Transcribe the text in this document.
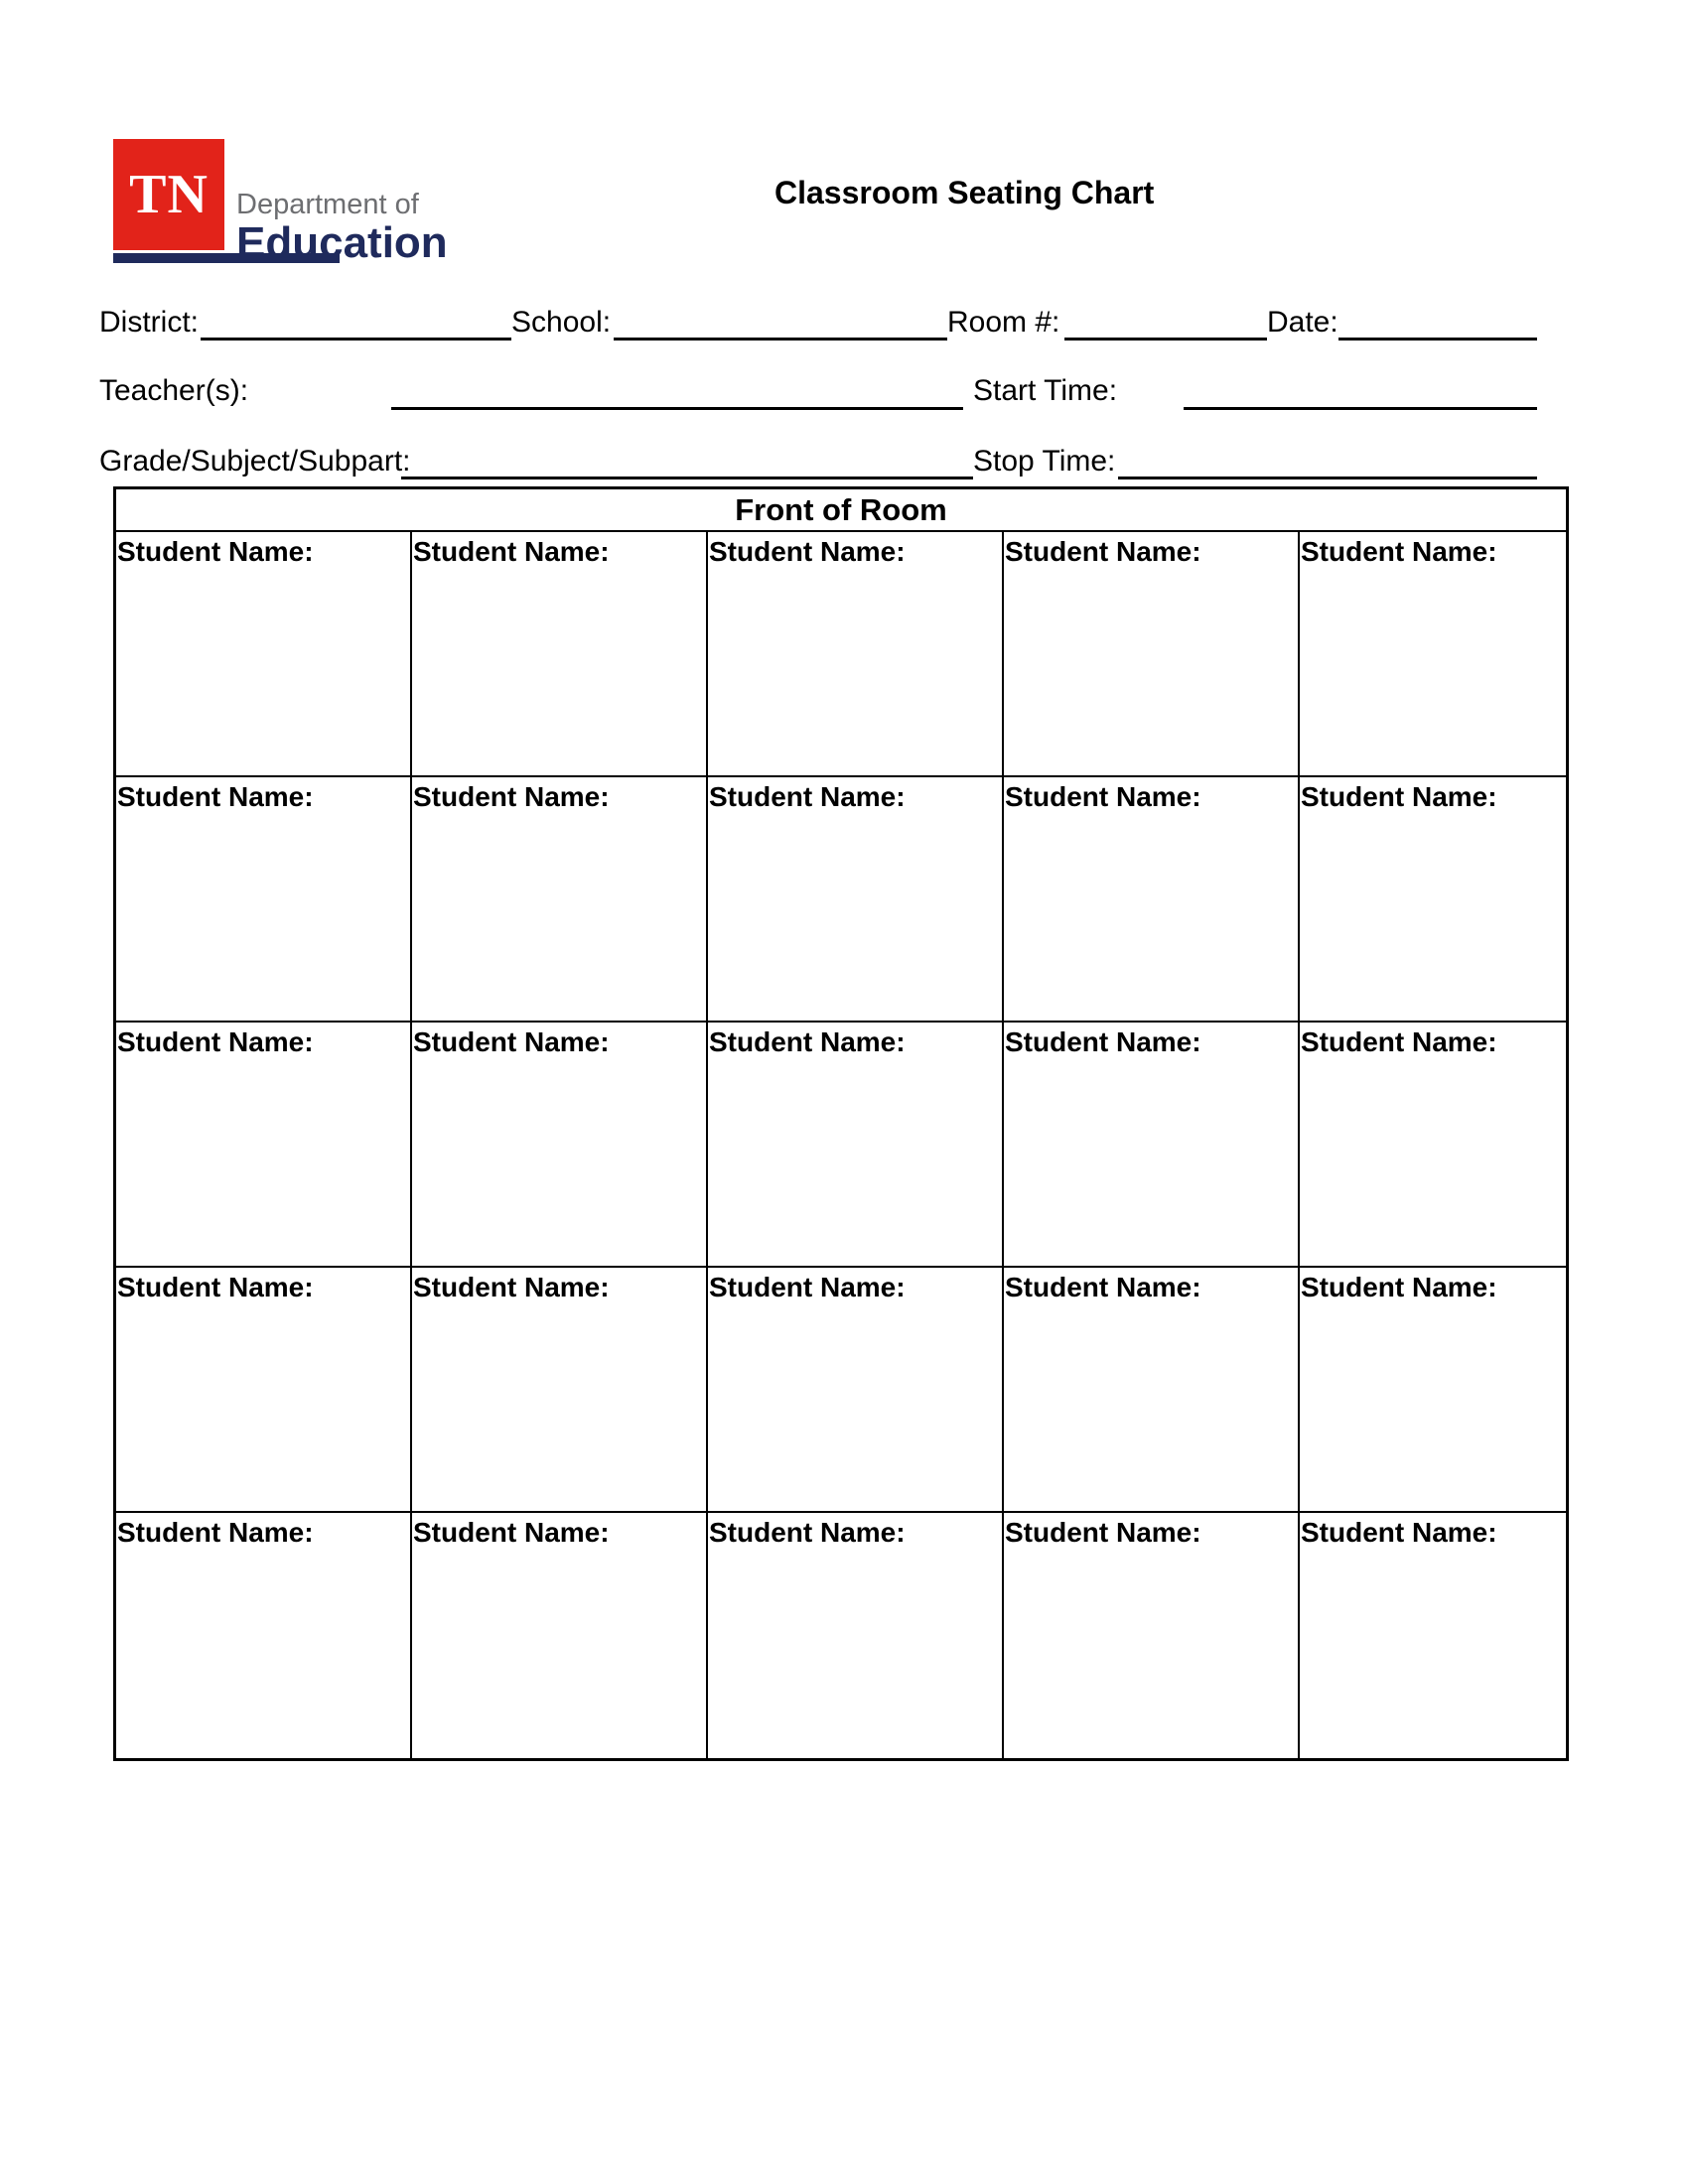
TN Department of
Education
Classroom Seating Chart
District:	School:	Room #:	Date:
Teacher(s):	Start Time:
Grade/Subject/Subpart:	Stop Time:
Front of Room
Student Name:	Student Name:	Student Name:	Student Name:	Student Name:
Student Name:	Student Name:	Student Name:	Student Name:	Student Name:
Student Name:	Student Name:	Student Name:	Student Name:	Student Name:
Student Name:	Student Name:	Student Name:	Student Name:	Student Name:
Student Name:	Student Name:	Student Name:	Student Name:	Student Name:
